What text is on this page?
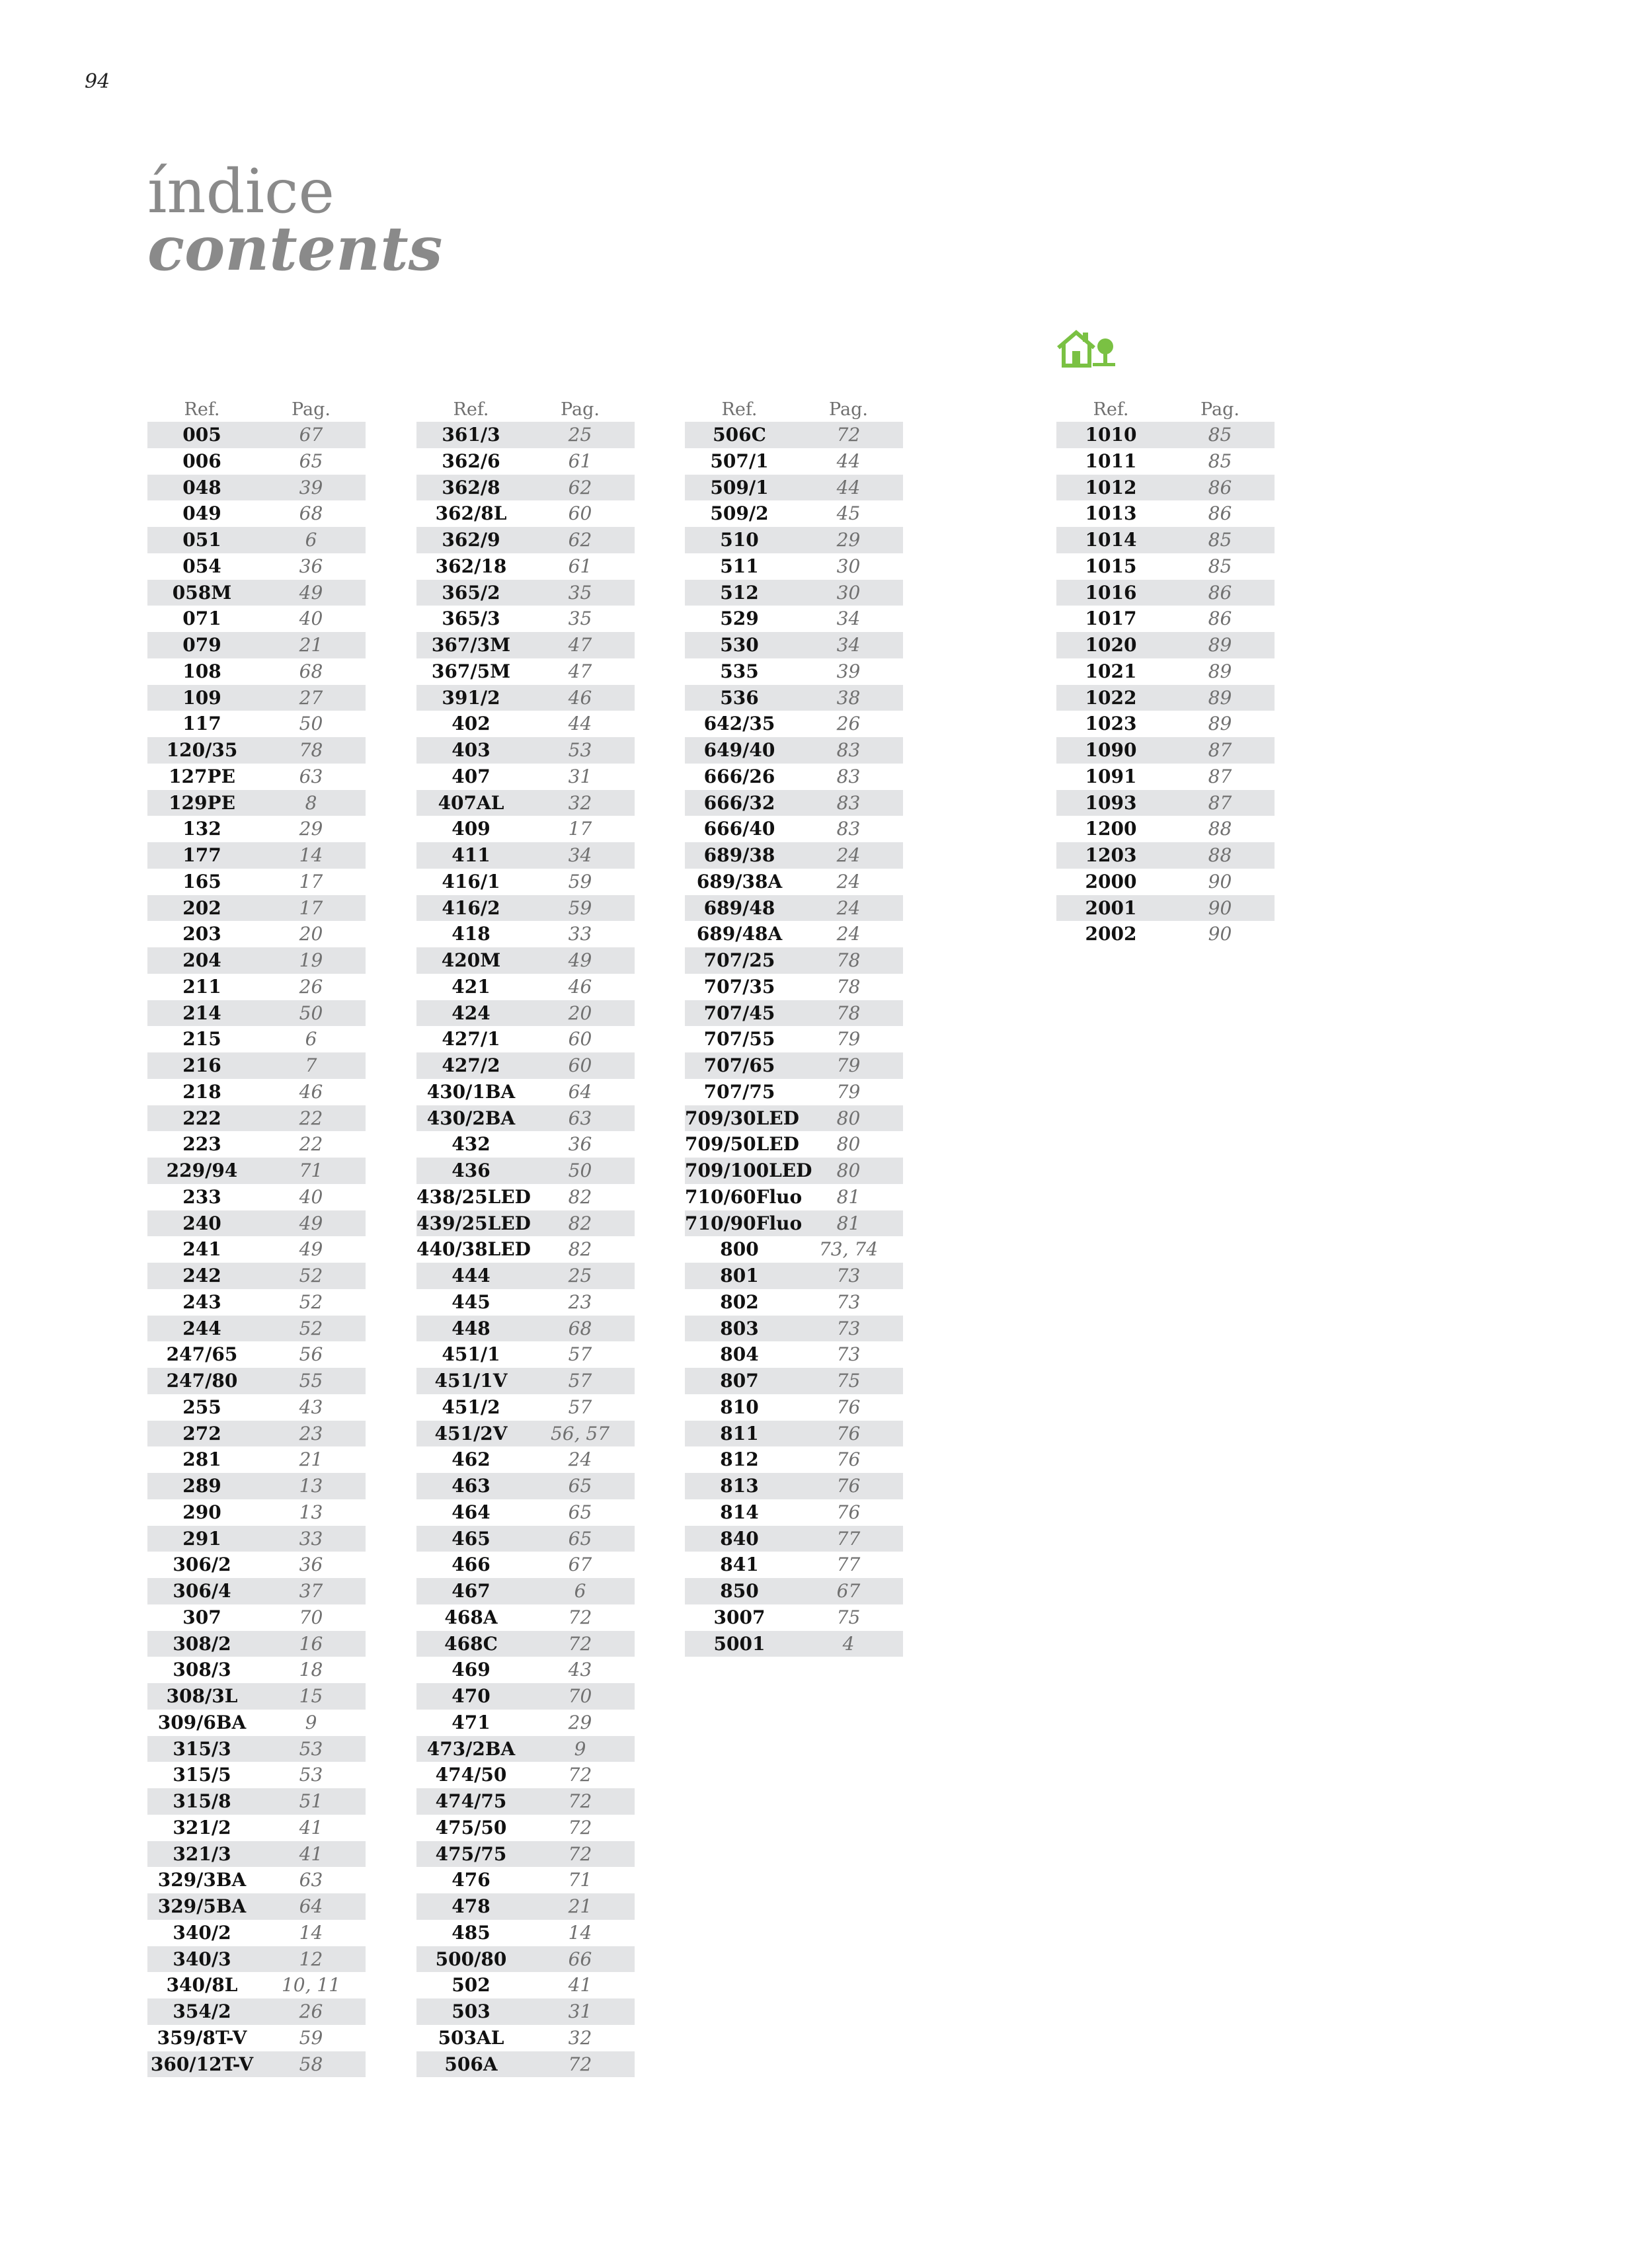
94
índice
contents
Ref.	Pag.
005	67
006	65
048	39
049	68
051	6
054	36
058M	49
071	40
079	21
108	68
109	27
117	50
120/35	78
127PE	63
129PE	8
132	29
177	14
165	17
202	17
203	20
204	19
211	26
214	50
215	6
216	7
218	46
222	22
223	22
229/94	71
233	40
240	49
241	49
242	52
243	52
244	52
247/65	56
247/80	55
255	43
272	23
281	21
289	13
290	13
291	33
306/2	36
306/4	37
307	70
308/2	16
308/3	18
308/3L	15
309/6BA	9
315/3	53
315/5	53
315/8	51
321/2	41
321/3	41
329/3BA	63
329/5BA	64
340/2	14
340/3	12
340/8L	10, 11
354/2	26
359/8T-V	59
360/12T-V	58
Ref.	Pag.
361/3	25
362/6	61
362/8	62
362/8L	60
362/9	62
362/18	61
365/2	35
365/3	35
367/3M	47
367/5M	47
391/2	46
402	44
403	53
407	31
407AL	32
409	17
411	34
416/1	59
416/2	59
418	33
420M	49
421	46
424	20
427/1	60
427/2	60
430/1BA	64
430/2BA	63
432	36
436	50
438/25LED	82
439/25LED	82
440/38LED	82
444	25
445	23
448	68
451/1	57
451/1V	57
451/2	57
451/2V	56, 57
462	24
463	65
464	65
465	65
466	67
467	6
468A	72
468C	72
469	43
470	70
471	29
473/2BA	9
474/50	72
474/75	72
475/50	72
475/75	72
476	71
478	21
485	14
500/80	66
502	41
503	31
503AL	32
506A	72
Ref.	Pag.
506C	72
507/1	44
509/1	44
509/2	45
510	29
511	30
512	30
529	34
530	34
535	39
536	38
642/35	26
649/40	83
666/26	83
666/32	83
666/40	83
689/38	24
689/38A	24
689/48	24
689/48A	24
707/25	78
707/35	78
707/45	78
707/55	79
707/65	79
707/75	79
709/30LED	80
709/50LED	80
709/100LED	80
710/60Fluo	81
710/90Fluo	81
800	73, 74
801	73
802	73
803	73
804	73
807	75
810	76
811	76
812	76
813	76
814	76
840	77
841	77
850	67
3007	75
5001	4
Ref.	Pag.
1010	85
1011	85
1012	86
1013	86
1014	85
1015	85
1016	86
1017	86
1020	89
1021	89
1022	89
1023	89
1090	87
1091	87
1093	87
1200	88
1203	88
2000	90
2001	90
2002	90
